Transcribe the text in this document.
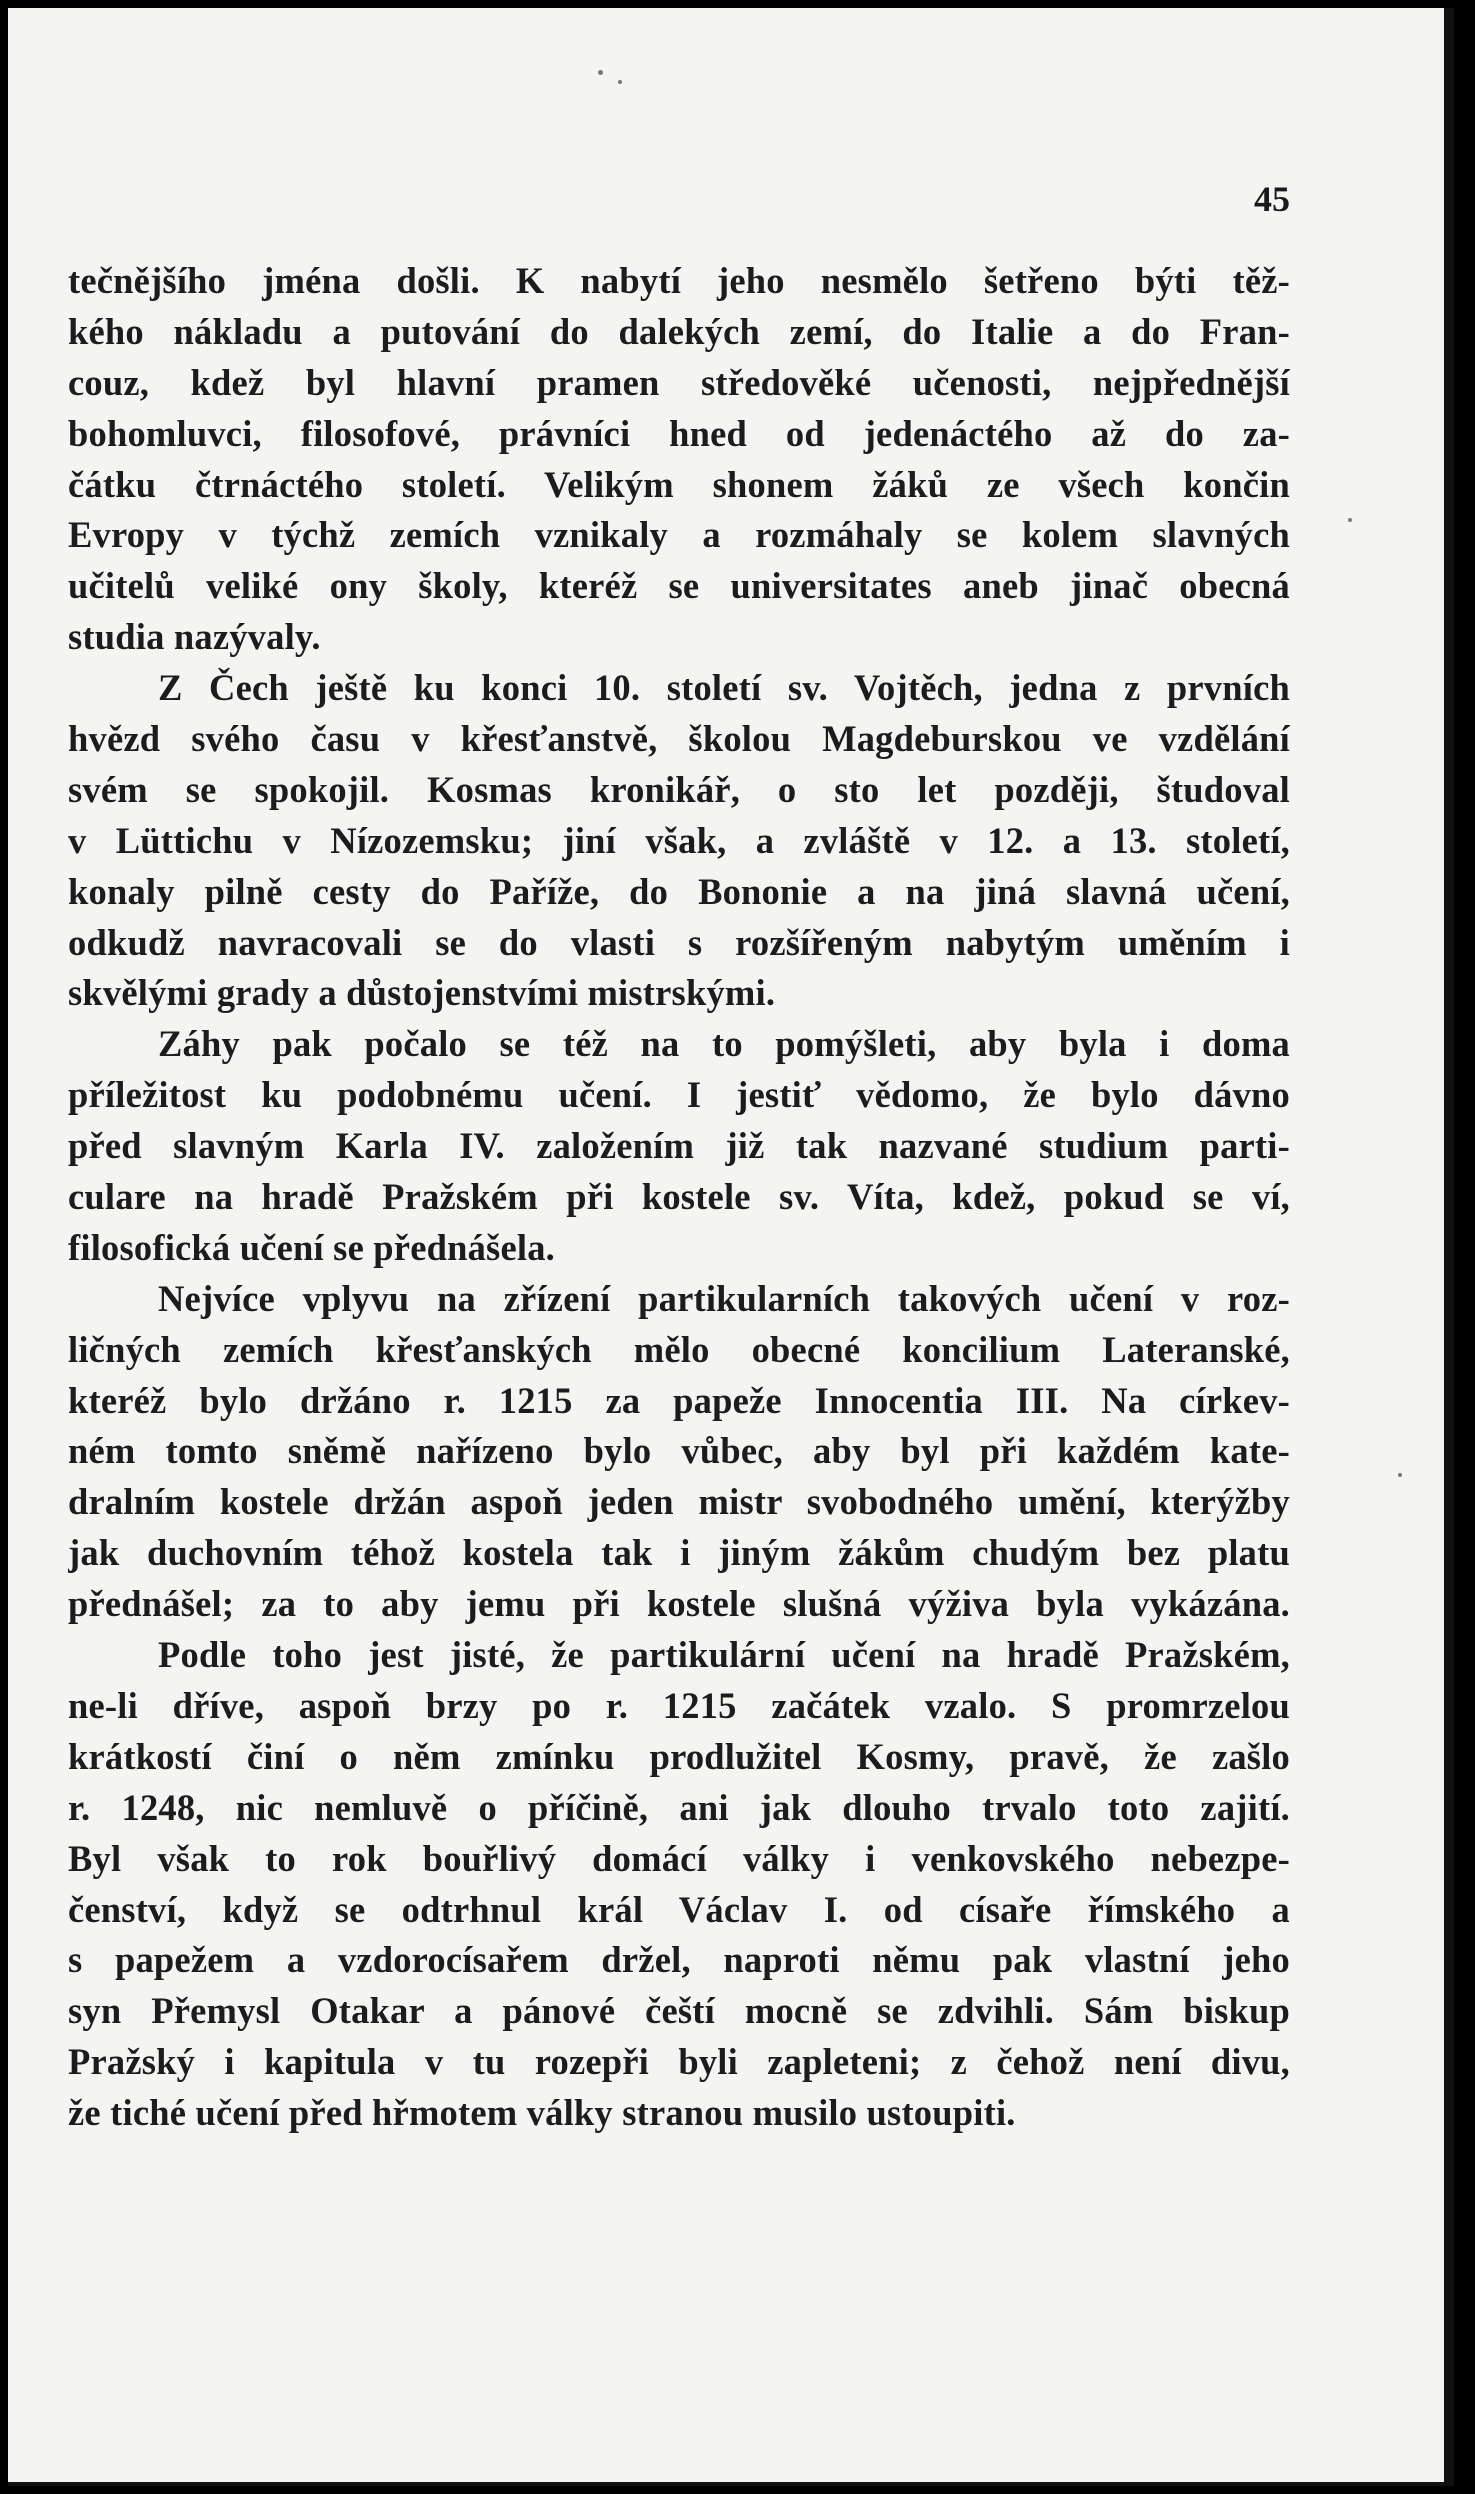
45
tečnějšího jména došli. K nabytí jeho nesmělo šetřeno býti těž-
kého nákladu a putování do dalekých zemí, do Italie a do Fran-
couz, kdež byl hlavní pramen středověké učenosti, nejpřednější
bohomluvci, filosofové, právníci hned od jedenáctého až do za-
čátku čtrnáctého století. Velikým shonem žáků ze všech končin
Evropy v týchž zemích vznikaly a rozmáhaly se kolem slavných
učitelů veliké ony školy, kteréž se universitates aneb jinač obecná
studia nazývaly.
Z Čech ještě ku konci 10. století sv. Vojtěch, jedna z prvních
hvězd svého času v křesťanstvě, školou Magdeburskou ve vzdělání
svém se spokojil. Kosmas kronikář, o sto let později, študoval
v Lüttichu v Nízozemsku; jiní však, a zvláště v 12. a 13. století,
konaly pilně cesty do Paříže, do Bononie a na jiná slavná učení,
odkudž navracovali se do vlasti s rozšířeným nabytým uměním i
skvělými grady a důstojenstvími mistrskými.
Záhy pak počalo se též na to pomýšleti, aby byla i doma
příležitost ku podobnému učení. I jestiť vědomo, že bylo dávno
před slavným Karla IV. založením již tak nazvané studium parti-
culare na hradě Pražském při kostele sv. Víta, kdež, pokud se ví,
filosofická učení se přednášela.
Nejvíce vplyvu na zřízení partikularních takových učení v roz-
ličných zemích křesťanských mělo obecné koncilium Lateranské,
kteréž bylo držáno r. 1215 za papeže Innocentia III. Na církev-
ném tomto sněmě nařízeno bylo vůbec, aby byl při každém kate-
dralním kostele držán aspoň jeden mistr svobodného umění, kterýžby
jak duchovním téhož kostela tak i jiným žákům chudým bez platu
přednášel; za to aby jemu při kostele slušná výživa byla vykázána.
Podle toho jest jisté, že partikulární učení na hradě Pražském,
ne-li dříve, aspoň brzy po r. 1215 začátek vzalo. S promrzelou
krátkostí činí o něm zmínku prodlužitel Kosmy, pravě, že zašlo
r. 1248, nic nemluvě o příčině, ani jak dlouho trvalo toto zajití.
Byl však to rok bouřlivý domácí války i venkovského nebezpe-
čenství, když se odtrhnul král Václav I. od císaře římského a
s papežem a vzdorocísařem držel, naproti němu pak vlastní jeho
syn Přemysl Otakar a pánové čeští mocně se zdvihli. Sám biskup
Pražský i kapitula v tu rozepři byli zapleteni; z čehož není divu,
že tiché učení před hřmotem války stranou musilo ustoupiti.
